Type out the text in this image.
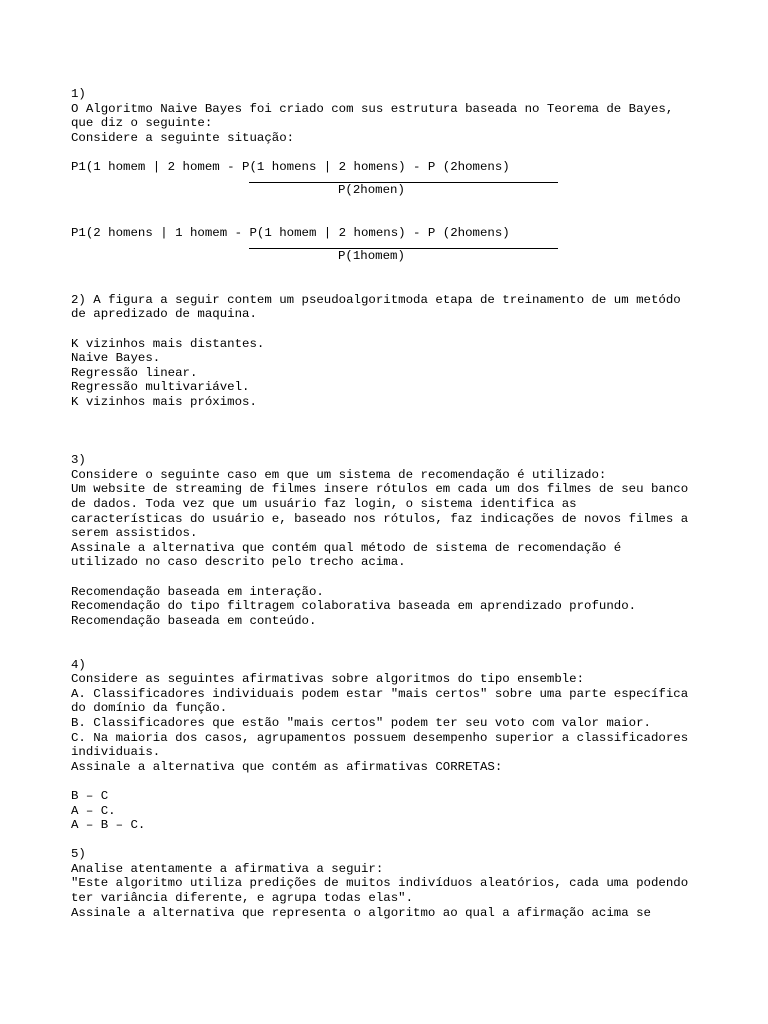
1)
O Algoritmo Naive Bayes foi criado com sus estrutura baseada no Teorema de Bayes,
que diz o seguinte:
Considere a seguinte situação:
P1(1 homem | 2 homem - P(1 homens | 2 homens) - P (2homens)
P(2homen)
P1(2 homens | 1 homem - P(1 homem | 2 homens) - P (2homens)
P(1homem)
2) A figura a seguir contem um pseudoalgoritmoda etapa de treinamento de um metódo
de apredizado de maquina.
K vizinhos mais distantes.
Naive Bayes.
Regressão linear.
Regressão multivariável.
K vizinhos mais próximos.
3)
Considere o seguinte caso em que um sistema de recomendação é utilizado:
Um website de streaming de filmes insere rótulos em cada um dos filmes de seu banco
de dados. Toda vez que um usuário faz login, o sistema identifica as
características do usuário e, baseado nos rótulos, faz indicações de novos filmes a
serem assistidos.
Assinale a alternativa que contém qual método de sistema de recomendação é
utilizado no caso descrito pelo trecho acima.
Recomendação baseada em interação.
Recomendação do tipo filtragem colaborativa baseada em aprendizado profundo.
Recomendação baseada em conteúdo.
4)
Considere as seguintes afirmativas sobre algoritmos do tipo ensemble:
A. Classificadores individuais podem estar "mais certos" sobre uma parte específica
do domínio da função.
B. Classificadores que estão "mais certos" podem ter seu voto com valor maior.
C. Na maioria dos casos, agrupamentos possuem desempenho superior a classificadores
individuais.
Assinale a alternativa que contém as afirmativas CORRETAS:
B – C
A – C.
A – B – C.
5)
Analise atentamente a afirmativa a seguir:
"Este algoritmo utiliza predições de muitos indivíduos aleatórios, cada uma podendo
ter variância diferente, e agrupa todas elas".
Assinale a alternativa que representa o algoritmo ao qual a afirmação acima se
